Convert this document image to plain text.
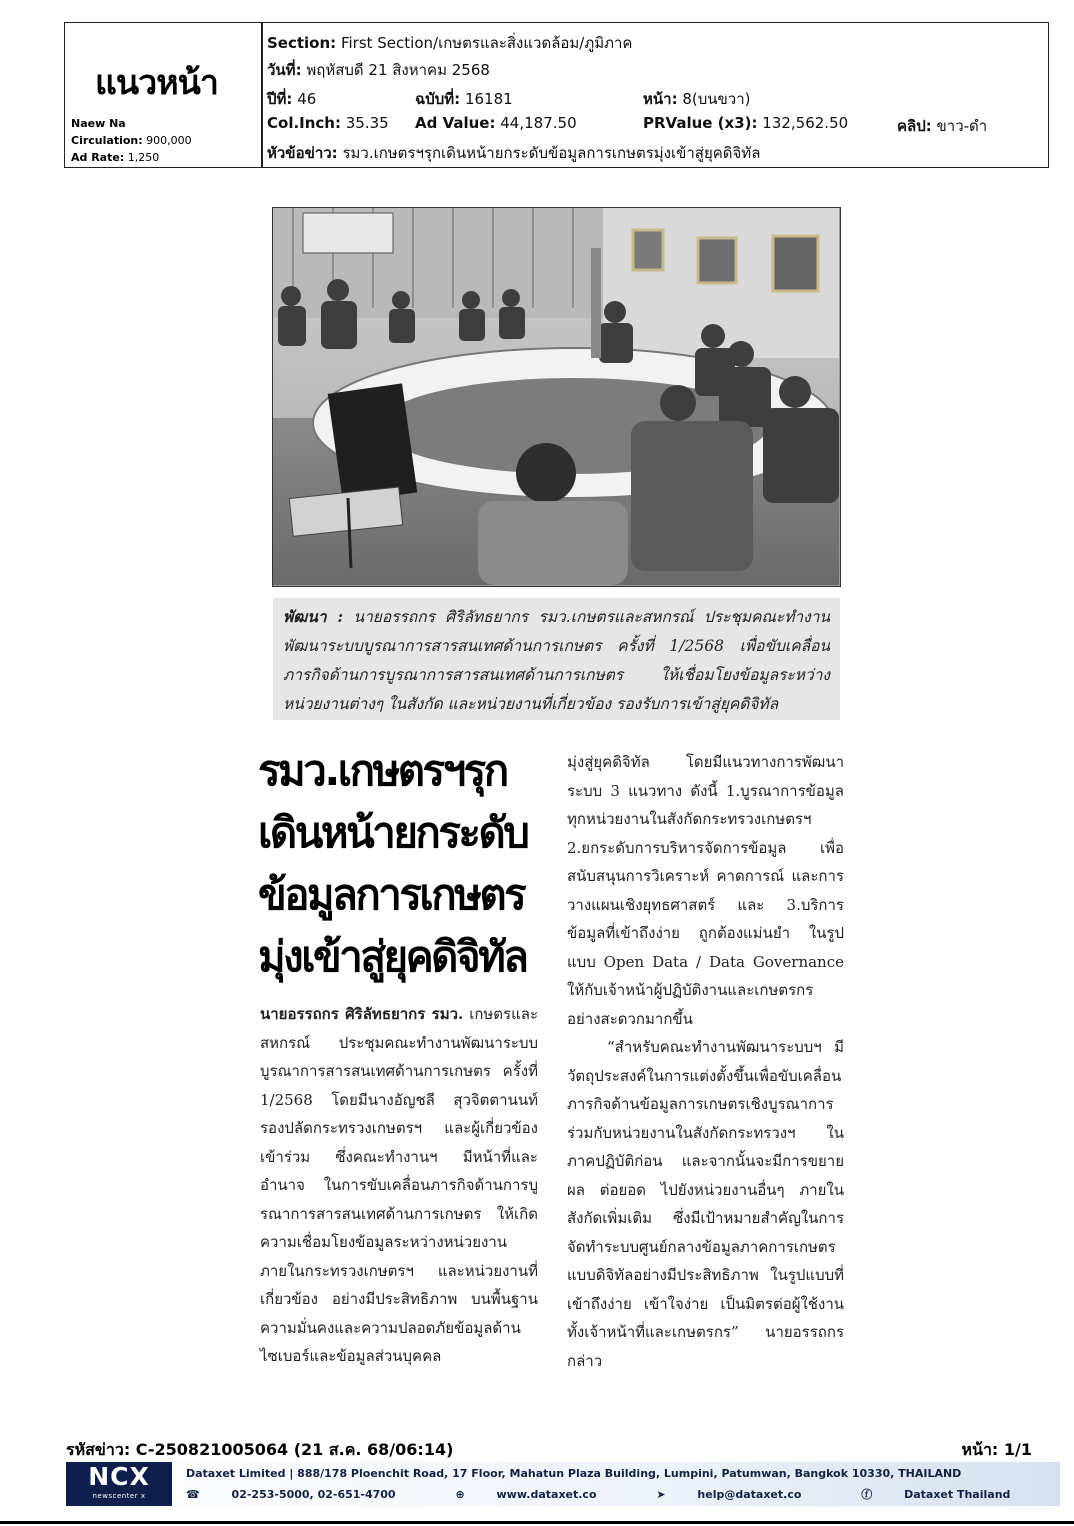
แนวหน้า
Naew Na
Circulation: 900,000
Ad Rate: 1,250
Section: First Section/เกษตรและสิ่งแวดล้อม/ภูมิภาค
วันที่: พฤหัสบดี 21 สิงหาคม 2568
ปีที่: 46	ฉบับที่: 16181	หน้า: 8(บนขวา)
Col.Inch: 35.35 Ad Value: 44,187.50	PRValue (x3): 132,562.50	คลิป: ขาว-ดำ
หัวข้อข่าว: รมว.เกษตรฯรุกเดินหน้ายกระดับข้อมูลการเกษตรมุ่งเข้าสู่ยุคดิจิทัล
พัฒนา : นายอรรถกร ศิริลัทธยากร รมว.เกษตรและสหกรณ์ ประชุมคณะทำงานพัฒนาระบบบูรณาการสารสนเทศด้านการเกษตร ครั้งที่ 1/2568 เพื่อขับเคลื่อนภารกิจด้านการบูรณาการสารสนเทศด้านการเกษตร ให้เชื่อมโยงข้อมูลระหว่างหน่วยงานต่างๆ ในสังกัด และหน่วยงานที่เกี่ยวข้อง รองรับการเข้าสู่ยุคดิจิทัล
รมว.เกษตรฯรุก
เดินหน้ายกระดับ
ข้อมูลการเกษตร
มุ่งเข้าสู่ยุคดิจิทัล
นายอรรถกร ศิริลัทธยากร รมว. เกษตรและสหกรณ์ ประชุมคณะทำงานพัฒนาระบบบูรณาการสารสนเทศด้านการเกษตร ครั้งที่ 1/2568 โดยมีนางอัญชลี สุวจิตตานนท์ รองปลัดกระทรวงเกษตรฯ และผู้เกี่ยวข้อง เข้าร่วม ซึ่งคณะทำงานฯ มีหน้าที่และอำนาจ ในการขับเคลื่อนภารกิจด้านการบูรณาการสารสนเทศด้านการเกษตร ให้เกิดความเชื่อมโยงข้อมูลระหว่างหน่วยงานภายในกระทรวงเกษตรฯ และหน่วยงานที่เกี่ยวข้อง อย่างมีประสิทธิภาพ บนพื้นฐานความมั่นคงและความปลอดภัยข้อมูลด้านไซเบอร์และข้อมูลส่วนบุคคล

มุ่งสู่ยุคดิจิทัล โดยมีแนวทางการพัฒนาระบบ 3 แนวทาง ดังนี้ 1.บูรณาการข้อมูลทุกหน่วยงานในสังกัดกระทรวงเกษตรฯ 2.ยกระดับการบริหารจัดการข้อมูล เพื่อสนับสนุนการวิเคราะห์ คาดการณ์ และการวางแผนเชิงยุทธศาสตร์ และ 3.บริการข้อมูลที่เข้าถึงง่าย ถูกต้องแม่นยำ ในรูปแบบ Open Data / Data Governance ให้กับเจ้าหน้าผู้ปฏิบัติงานและเกษตรกรอย่างสะดวกมากขึ้น

“สำหรับคณะทำงานพัฒนาระบบฯ มีวัตถุประสงค์ในการแต่งตั้งขึ้นเพื่อขับเคลื่อนภารกิจด้านข้อมูลการเกษตรเชิงบูรณาการร่วมกับหน่วยงานในสังกัดกระทรวงฯ ในภาคปฏิบัติก่อน และจากนั้นจะมีการขยายผล ต่อยอด ไปยังหน่วยงานอื่นๆ ภายในสังกัดเพิ่มเติม ซึ่งมีเป้าหมายสำคัญในการจัดทำระบบศูนย์กลางข้อมูลภาคการเกษตรแบบดิจิทัลอย่างมีประสิทธิภาพ ในรูปแบบที่เข้าถึงง่าย เข้าใจง่าย เป็นมิตรต่อผู้ใช้งานทั้งเจ้าหน้าที่และเกษตรกร” นายอรรถกร กล่าว

รหัสข่าว: C-250821005064 (21 ส.ค. 68/06:14)	หน้า: 1/1
NCX
newscenter x
Dataxet Limited | 888/178 Ploenchit Road, 17 Floor, Mahatun Plaza Building, Lumpini, Patumwan, Bangkok 10330, THAILAND
☎	02-253-5000, 02-651-4700	⊕	www.dataxet.co	➤	help@dataxet.co	ⓕ	Dataxet Thailand
